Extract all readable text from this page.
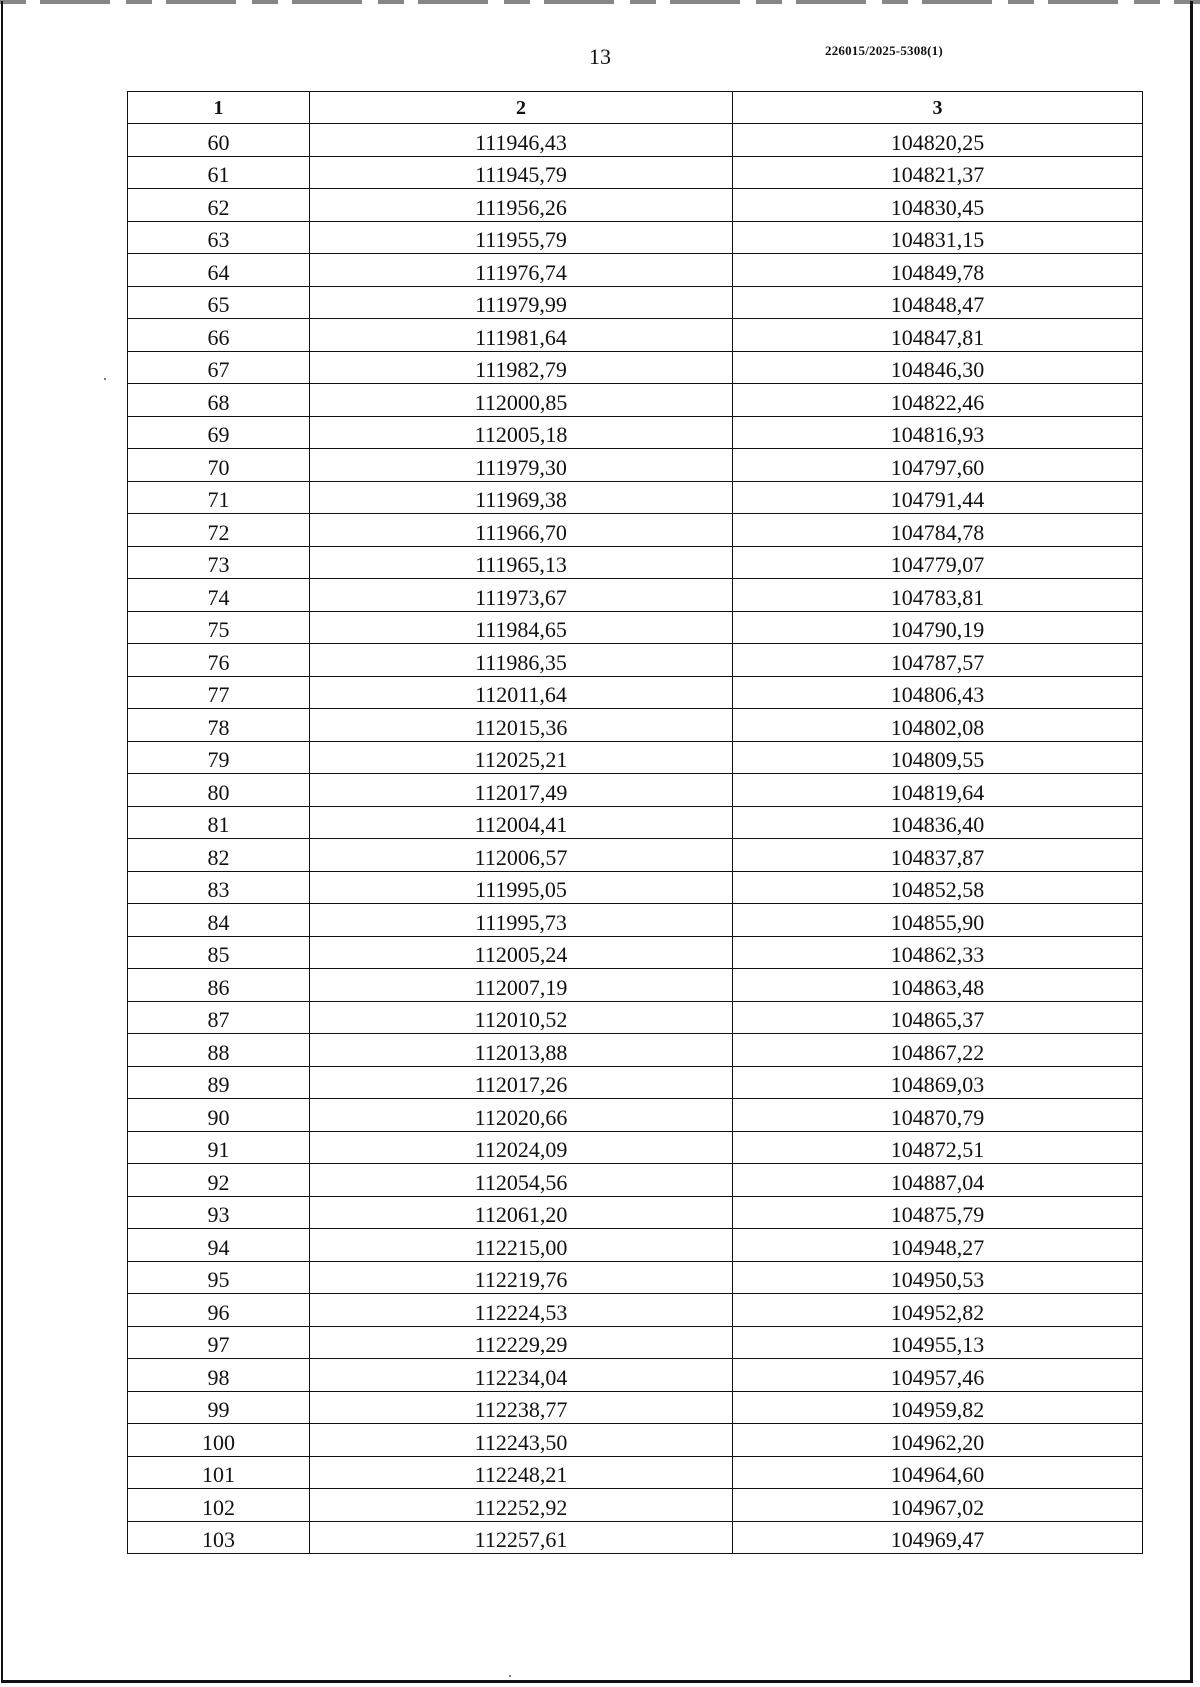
13	226015/2025-5308(1)
1	2	3
60	111946,43	104820,25
61	111945,79	104821,37
62	111956,26	104830,45
63	111955,79	104831,15
64	111976,74	104849,78
65	111979,99	104848,47
66	111981,64	104847,81
67	111982,79	104846,30
68	112000,85	104822,46
69	112005,18	104816,93
70	111979,30	104797,60
71	111969,38	104791,44
72	111966,70	104784,78
73	111965,13	104779,07
74	111973,67	104783,81
75	111984,65	104790,19
76	111986,35	104787,57
77	112011,64	104806,43
78	112015,36	104802,08
79	112025,21	104809,55
80	112017,49	104819,64
81	112004,41	104836,40
82	112006,57	104837,87
83	111995,05	104852,58
84	111995,73	104855,90
85	112005,24	104862,33
86	112007,19	104863,48
87	112010,52	104865,37
88	112013,88	104867,22
89	112017,26	104869,03
90	112020,66	104870,79
91	112024,09	104872,51
92	112054,56	104887,04
93	112061,20	104875,79
94	112215,00	104948,27
95	112219,76	104950,53
96	112224,53	104952,82
97	112229,29	104955,13
98	112234,04	104957,46
99	112238,77	104959,82
100	112243,50	104962,20
101	112248,21	104964,60
102	112252,92	104967,02
103	112257,61	104969,47
